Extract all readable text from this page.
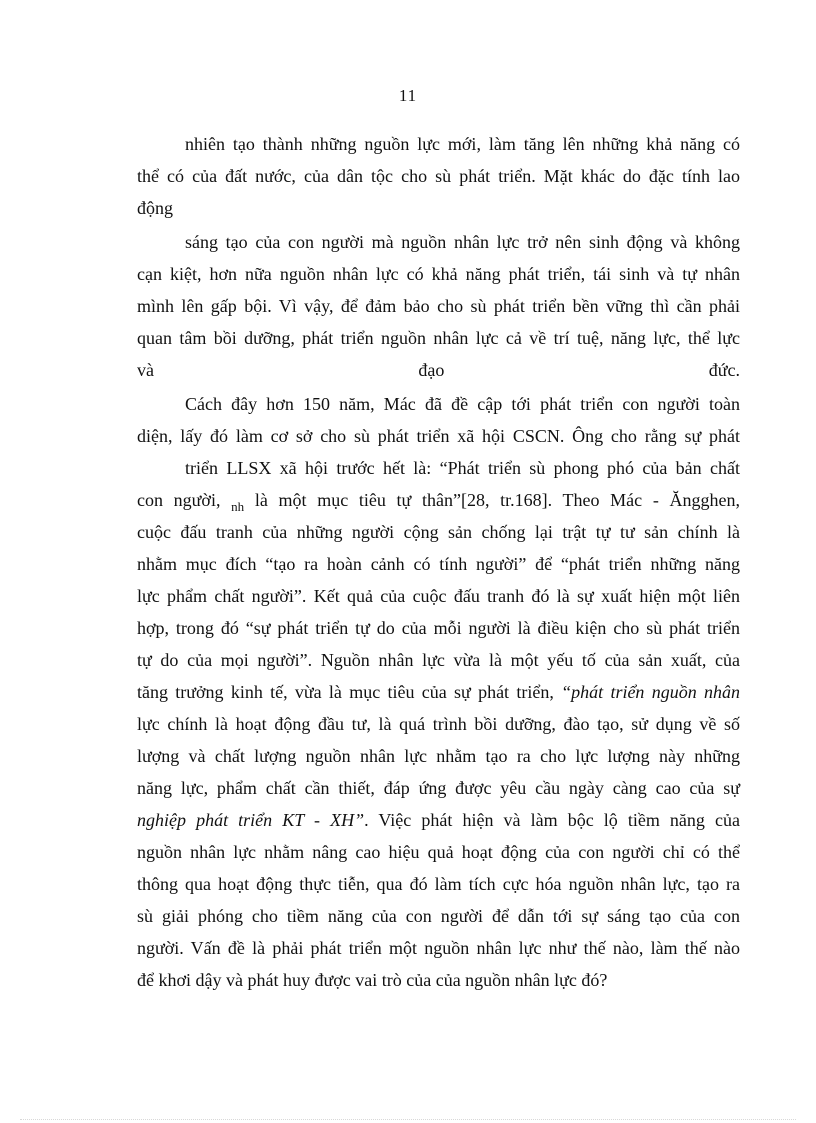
11
nhiên tạo thành những nguồn lực mới, làm tăng lên những khả năng có
thể có của đất nước, của dân tộc cho sù phát triển. Mặt khác do đặc tính lao
động
sáng tạo của con người mà nguồn nhân lực trở nên sinh động và không
cạn kiệt, hơn nữa nguồn nhân lực có khả năng phát triển, tái sinh và tự nhân
mình lên gấp bội. Vì vậy, để đảm bảo cho sù phát triển bền vững thì cần phải
quan tâm bồi dưỡng, phát triển nguồn nhân lực cả về trí tuệ, năng lực, thể lực
và	đạo	đức.
Cách đây hơn 150 năm, Mác đã đề cập tới phát triển con người toàn
diện, lấy đó làm cơ sở cho sù phát triển xã hội CSCN. Ông cho rằng sự phát
triển LLSX xã hội trước hết là: “Phát triển sù phong phó của bản chất
con người, $_{nh}$ là một mục tiêu tự thân”[28, tr.168]. Theo Mác - Ăngghen,
cuộc đấu tranh của những người cộng sản chống lại trật tự tư sản chính là
nhằm mục đích “tạo ra hoàn cảnh có tính người” để “phát triển những năng
lực phẩm chất người”. Kết quả của cuộc đấu tranh đó là sự xuất hiện một liên
hợp, trong đó “sự phát triển tự do của mỗi người là điều kiện cho sù phát triển
tự do của mọi người”. Nguồn nhân lực vừa là một yếu tố của sản xuất, của
tăng trưởng kinh tế, vừa là mục tiêu của sự phát triển, “phát triển nguồn nhân
lực chính là hoạt động đầu tư, là quá trình bồi dưỡng, đào tạo, sử dụng về số
lượng và chất lượng nguồn nhân lực nhằm tạo ra cho lực lượng này những
năng lực, phẩm chất cần thiết, đáp ứng được yêu cầu ngày càng cao của sự
nghiệp phát triển KT - XH”. Việc phát hiện và làm bộc lộ tiềm năng của
nguồn nhân lực nhằm nâng cao hiệu quả hoạt động của con người chỉ có thể
thông qua hoạt động thực tiễn, qua đó làm tích cực hóa nguồn nhân lực, tạo ra
sù giải phóng cho tiềm năng của con người để dẫn tới sự sáng tạo của con
người. Vấn đề là phải phát triển một nguồn nhân lực như thế nào, làm thế nào
để khơi dậy và phát huy được vai trò của của nguồn nhân lực đó?
